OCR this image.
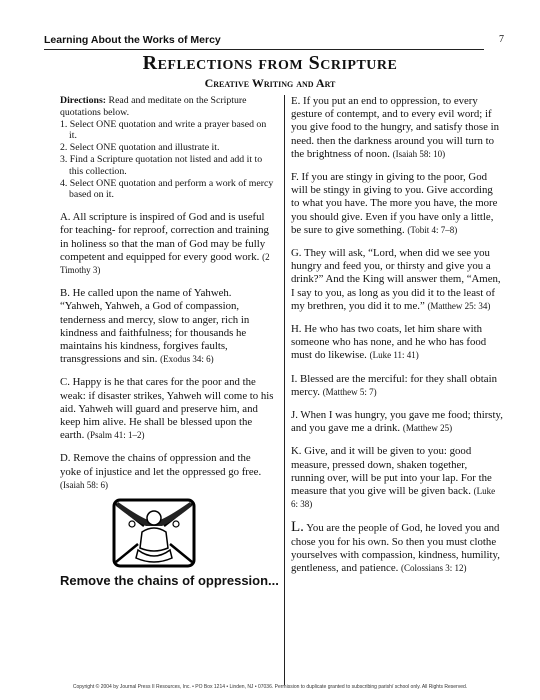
Learning About the Works of Mercy	7
Reflections from Scripture
Creative Writing and Art
Directions: Read and meditate on the Scripture quotations below.
1. Select ONE quotation and write a prayer based on it.
2. Select ONE quotation and illustrate it.
3. Find a Scripture quotation not listed and add it to this collection.
4. Select ONE quotation and perform a work of mercy based on it.

A. All scripture is inspired of God and is useful for teaching- for reproof, correction and training in holiness so that the man of God may be fully competent and equipped for every good work. (2 Timothy 3)

B. He called upon the name of Yahweh. “Yahweh, Yahweh, a God of compassion, tenderness and mercy, slow to anger, rich in kindness and faithfulness; for thousands he maintains his kindness, forgives faults, transgressions and sin. (Exodus 34: 6)

C. Happy is he that cares for the poor and the weak: if disaster strikes, Yahweh will come to his aid. Yahweh will guard and preserve him, and keep him alive. He shall be blessed upon the earth. (Psalm 41: 1–2)

D. Remove the chains of oppression and the yoke of injustice and let the oppressed go free. (Isaiah 58: 6)

Remove the chains of oppression...

E. If you put an end to oppression, to every gesture of contempt, and to every evil word; if you give food to the hungry, and satisfy those in need. then the darkness around you will turn to the brightness of noon. (Isaiah 58: 10)

F. If you are stingy in giving to the poor, God will be stingy in giving to you. Give according to what you have. The more you have, the more you should give. Even if you have only a little, be sure to give something. (Tobit 4: 7–8)

G. They will ask, “Lord, when did we see you hungry and feed you, or thirsty and give you a drink?” And the King will answer them, “Amen, I say to you, as long as you did it to the least of my brethren, you did it to me.” (Matthew 25: 34)

H. He who has two coats, let him share with someone who has none, and he who has food must do likewise. (Luke 11: 41)

I. Blessed are the merciful: for they shall obtain mercy. (Matthew 5: 7)

J. When I was hungry, you gave me food; thirsty, and you gave me a drink. (Matthew 25)

K. Give, and it will be given to you: good measure, pressed down, shaken together, running over, will be put into your lap. For the measure that you give will be given back. (Luke 6: 38)

L. You are the people of God, he loved you and chose you for his own. So then you must clothe yourselves with compassion, kindness, humility, gentleness, and patience. (Colossians 3: 12)

Copyright © 2004 by Journal Press II Resources, Inc. • PO Box 1214 • Linden, NJ • 07036. Permission to duplicate granted to subscribing parish/ school only. All Rights Reserved.
